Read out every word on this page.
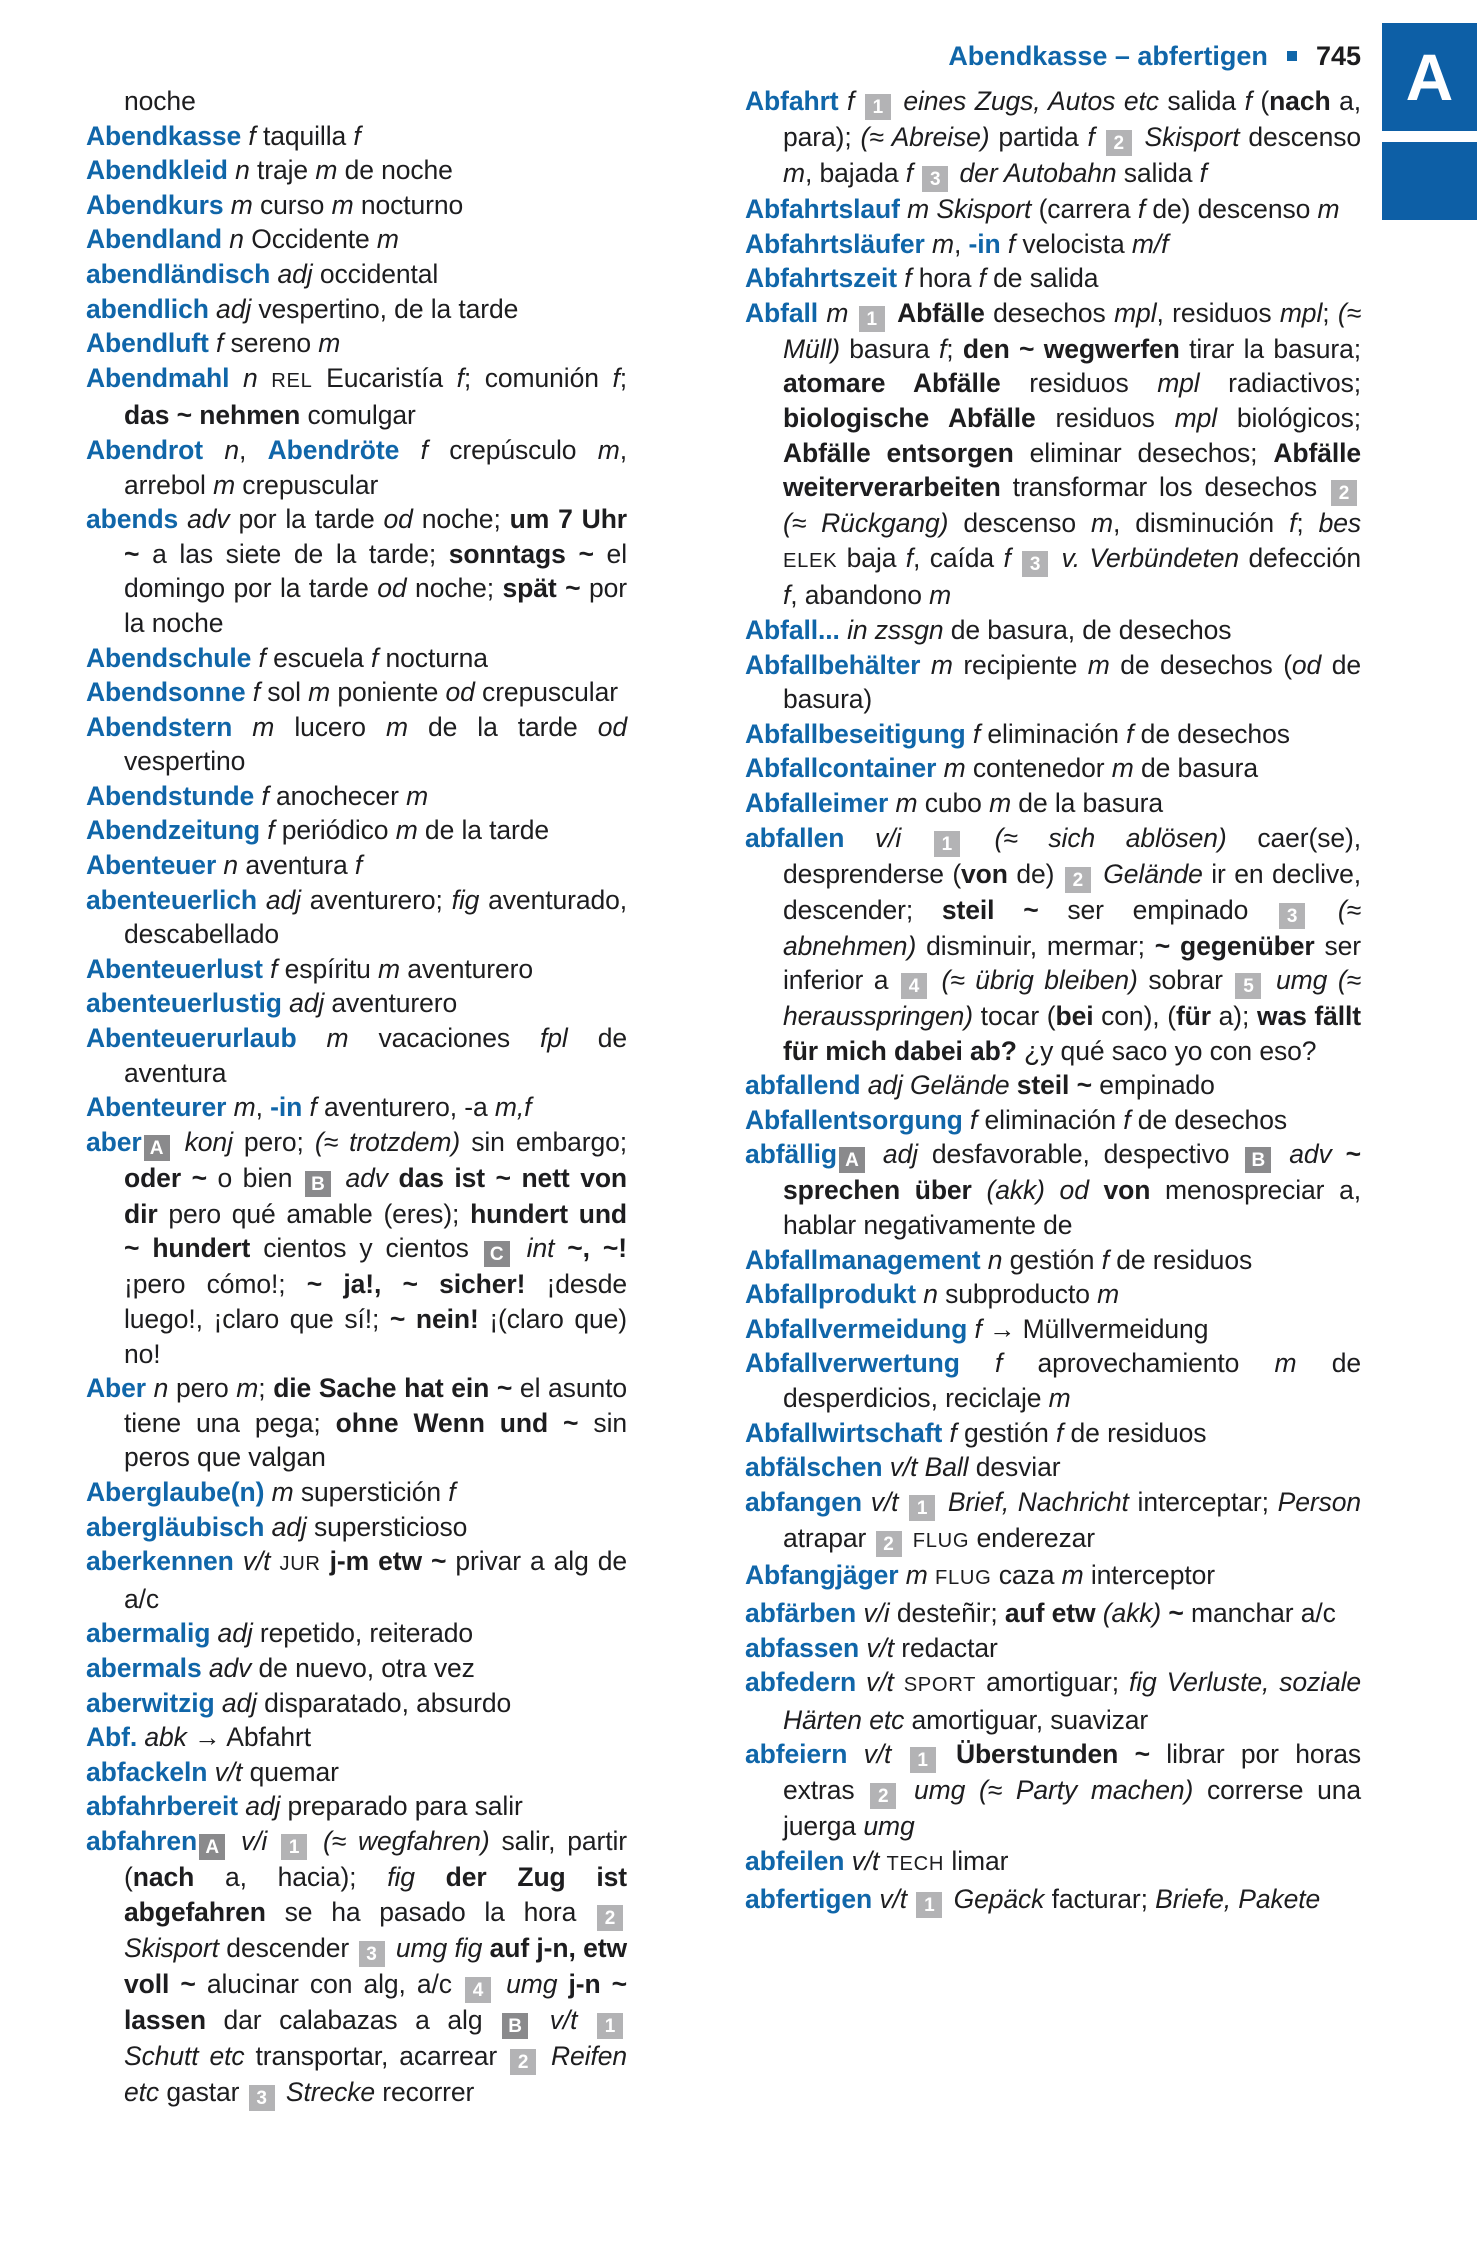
Abendkasse – abfertigen 745 A
noche
Abendkasse f taquilla f
Abendkleid n traje m de noche
Abendkurs m curso m nocturno
Abendland n Occidente m
abendländisch adj occidental
abendlich adj vespertino, de la tarde
Abendluft f sereno m
Abendmahl n REL Eucaristía f; comunión f; das ~ nehmen comulgar
Abendrot n, Abendröte f crepúsculo m, arrebol m crepuscular
abends adv por la tarde od noche; um 7 Uhr ~ a las siete de la tarde; sonntags ~ el domingo por la tarde od noche; spät ~ por la noche
Abendschule f escuela f nocturna
Abendsonne f sol m poniente od crepuscular
Abendstern m lucero m de la tarde od vespertino
Abendstunde f anochecer m
Abendzeitung f periódico m de la tarde
Abenteuer n aventura f
abenteuerlich adj aventurero; fig aventurado, descabellado
Abenteuerlust f espíritu m aventurero
abenteuerlustig adj aventurero
Abenteuerurlaub m vacaciones fpl de aventura
Abenteurer m, -in f aventurero, -a m,f
aber A konj pero; (≈ trotzdem) sin embargo; oder ~ o bien B adv das ist ~ nett von dir pero qué amable (eres); hundert und ~ hundert cientos y cientos C int ~, ~! ¡pero cómo!; ~ ja!, ~ sicher! ¡desde luego!, ¡claro que sí!; ~ nein! ¡(claro que) no!
Aber n pero m; die Sache hat ein ~ el asunto tiene una pega; ohne Wenn und ~ sin peros que valgan
Aberglaube(n) m superstición f
abergläubisch adj supersticioso
aberkennen v/t JUR j-m etw ~ privar a alg de a/c
abermalig adj repetido, reiterado
abermals adv de nuevo, otra vez
aberwitzig adj disparatado, absurdo
Abf. abk → Abfahrt
abfackeln v/t quemar
abfahrbereit adj preparado para salir
abfahren A v/i 1 (≈ wegfahren) salir, partir (nach a, hacia); fig der Zug ist abgefahren se ha pasado la hora 2 Skisport descender 3 umg fig auf j-n, etw voll ~ alucinar con alg, a/c 4 umg j-n ~ lassen dar calabazas a alg B v/t 1 Schutt etc transportar, acarrear 2 Reifen etc gastar 3 Strecke recorrer
Abfahrt f 1 eines Zugs, Autos etc salida f (nach a, para); (≈ Abreise) partida f 2 Skisport descenso m, bajada f 3 der Autobahn salida f
Abfahrtslauf m Skisport (carrera f de) descenso m
Abfahrtsläufer m, -in f velocista m/f
Abfahrtszeit f hora f de salida
Abfall m 1 Abfälle desechos mpl, residuos mpl; (≈ Müll) basura f; den ~ wegwerfen tirar la basura; atomare Abfälle residuos mpl radiactivos; biologische Abfälle residuos mpl biológicos; Abfälle entsorgen eliminar desechos; Abfälle weiterverarbeiten transformar los desechos 2 (≈ Rückgang) descenso m, disminución f; bes ELEK baja f, caída f 3 v. Verbündeten defección f, abandono m
Abfall... in zssgn de basura, de desechos
Abfallbehälter m recipiente m de desechos (od de basura)
Abfallbeseitigung f eliminación f de desechos
Abfallcontainer m contenedor m de basura
Abfalleimer m cubo m de la basura
abfallen v/i 1 (≈ sich ablösen) caer(se), desprenderse (von de) 2 Gelände ir en declive, descender; steil ~ ser empinado 3 (≈ abnehmen) disminuir, mermar; ~ gegenüber ser inferior a 4 (≈ übrig bleiben) sobrar 5 umg (≈ herausspringen) tocar (bei con), (für a); was fällt für mich dabei ab? ¿y qué saco yo con eso?
abfallend adj Gelände steil ~ empinado
Abfallentsorgung f eliminación f de desechos
abfällig A adj desfavorable, despectivo B adv ~ sprechen über (akk) od von menospreciar a, hablar negativamente de
Abfallmanagement n gestión f de residuos
Abfallprodukt n subproducto m
Abfallvermeidung f → Müllvermeidung
Abfallverwertung f aprovechamiento m de desperdicios, reciclaje m
Abfallwirtschaft f gestión f de residuos
abfälschen v/t Ball desviar
abfangen v/t 1 Brief, Nachricht interceptar; Person atrapar 2 FLUG enderezar
Abfangjäger m FLUG caza m interceptor
abfärben v/i desteñir; auf etw (akk) ~ manchar a/c
abfassen v/t redactar
abfedern v/t SPORT amortiguar; fig Verluste, soziale Härten etc amortiguar, suavizar
abfeiern v/t 1 Überstunden ~ librar por horas extras 2 umg (≈ Party machen) correrse una juerga umg
abfeilen v/t TECH limar
abfertigen v/t 1 Gepäck facturar; Briefe, Pakete
